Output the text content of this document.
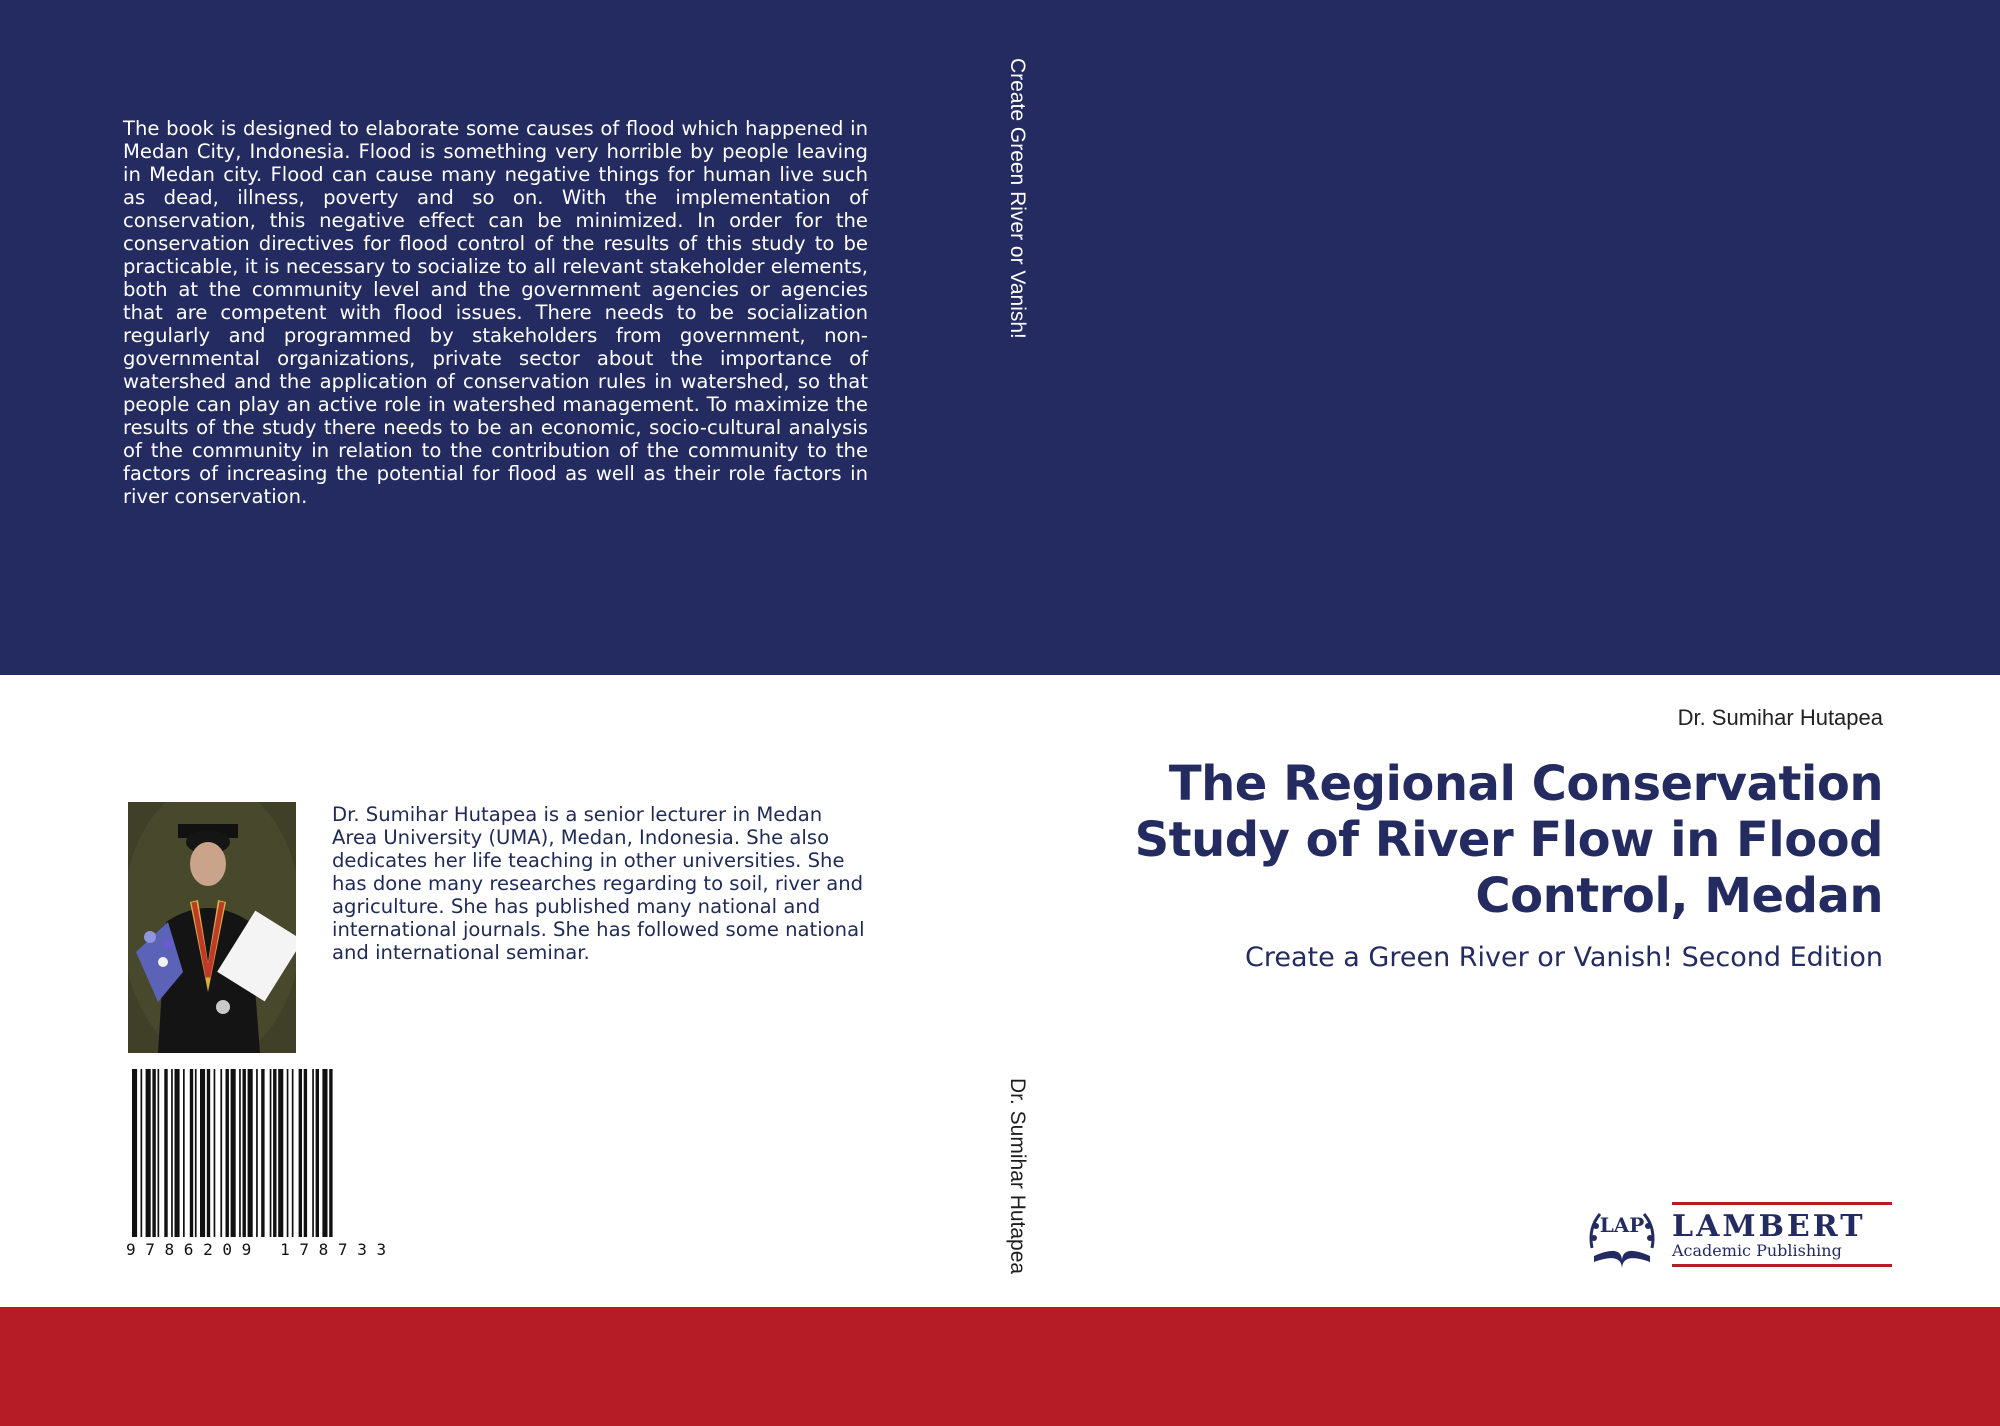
The book is designed to elaborate some causes of flood which happened in Medan City, Indonesia. Flood is something very horrible by people leaving in Medan city. Flood can cause many negative things for human live such as dead, illness, poverty and so on. With the implementation of conservation, this negative effect can be minimized. In order for the conservation directives for flood control of the results of this study to be practicable, it is necessary to socialize to all relevant stakeholder elements, both at the community level and the government agencies or agencies that are competent with flood issues. There needs to be socialization regularly and programmed by stakeholders from government, non-governmental organizations, private sector about the importance of watershed and the application of conservation rules in watershed, so that people can play an active role in watershed management. To maximize the results of the study there needs to be an economic, socio-cultural analysis of the community in relation to the contribution of the community to the factors of increasing the potential for flood as well as their role factors in river conservation.

Create Green River or Vanish!
Dr. Sumihar Hutapea

Dr. Sumihar Hutapea is a senior lecturer in Medan Area University (UMA), Medan, Indonesia. She also dedicates her life teaching in other universities. She has done many researches regarding to soil, river and agriculture. She has published many national and international journals. She has followed some national and international seminar.

9 7 8 6 2 0 9   1 7 8 7 3 3
Dr. Sumihar Hutapea
The Regional Conservation Study of River Flow in Flood Control, Medan
Create a Green River or Vanish! Second Edition
LAP LAMBERT
Academic Publishing
